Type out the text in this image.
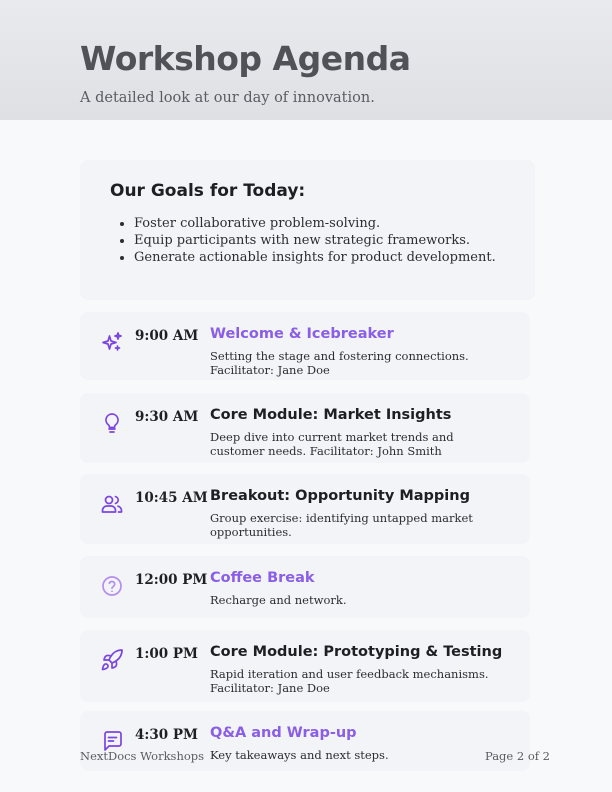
Workshop Agenda
A detailed look at our day of innovation.
Our Goals for Today:
• Foster collaborative problem-solving.
• Equip participants with new strategic frameworks.
• Generate actionable insights for product development.
9:00 AM Welcome & Icebreaker
Setting the stage and fostering connections. Facilitator: Jane Doe
9:30 AM Core Module: Market Insights
Deep dive into current market trends and customer needs. Facilitator: John Smith
10:45 AM Breakout: Opportunity Mapping
Group exercise: identifying untapped market opportunities.
12:00 PM Coffee Break
Recharge and network.
1:00 PM Core Module: Prototyping & Testing
Rapid iteration and user feedback mechanisms. Facilitator: Jane Doe
4:30 PM Q&A and Wrap-up
Key takeaways and next steps.
NextDocs Workshops	Page 2 of 2
